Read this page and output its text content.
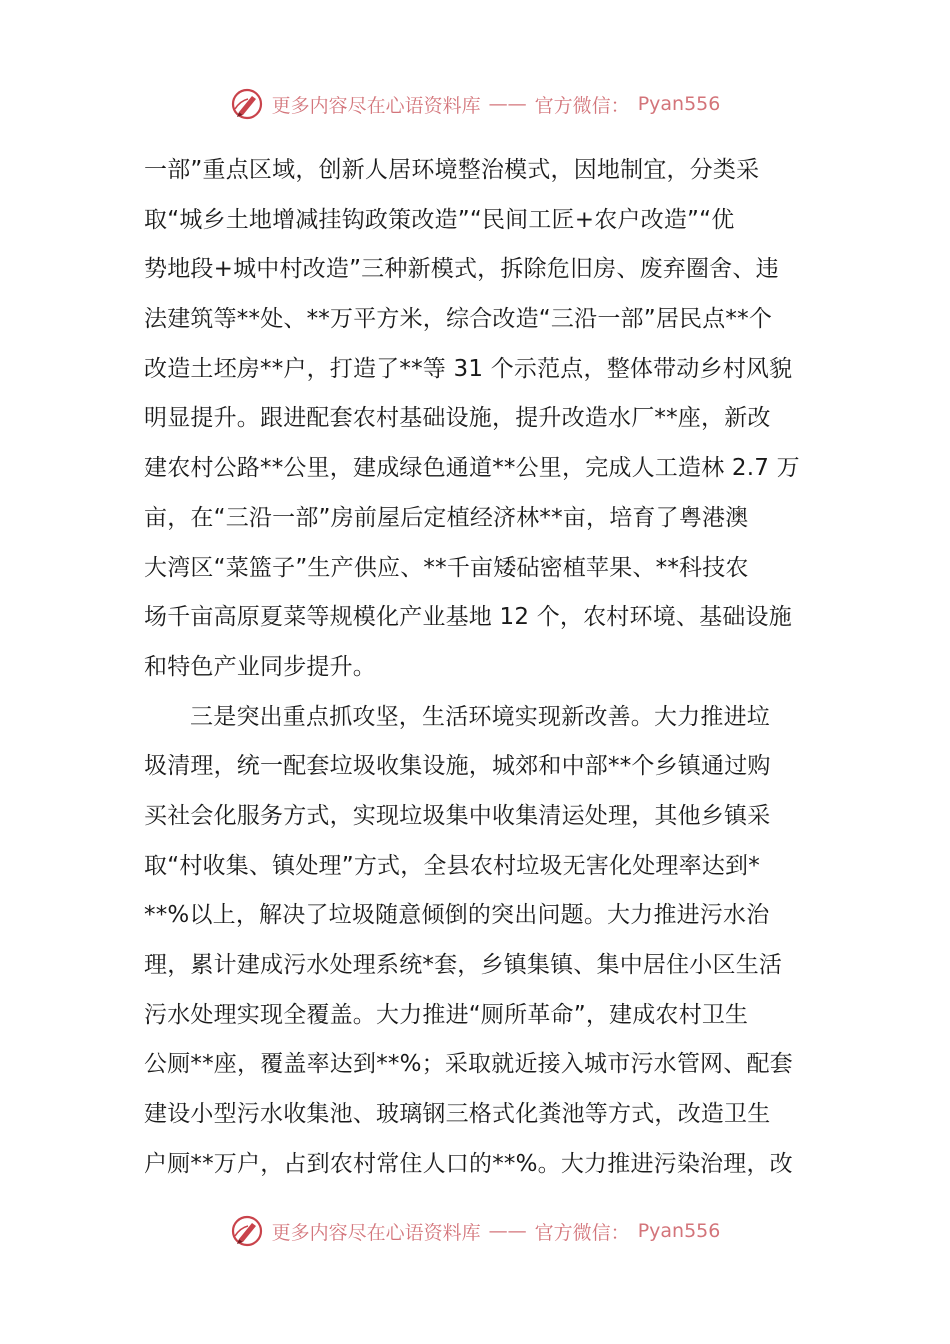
更多内容尽在心语资料库 —— 官方微信： Pyan556
一部”重点区域，创新人居环境整治模式，因地制宜，分类采
取“城乡土地增减挂钩政策改造”“民间工匠+农户改造”“优
势地段+城中村改造”三种新模式，拆除危旧房、废弃圈舍、违
法建筑等**处、**万平方米，综合改造“三沿一部”居民点**个
改造土坯房**户，打造了**等 31 个示范点，整体带动乡村风貌
明显提升。跟进配套农村基础设施，提升改造水厂**座，新改
建农村公路**公里，建成绿色通道**公里，完成人工造林 2.7 万
亩，在“三沿一部”房前屋后定植经济林**亩，培育了粤港澳
大湾区“菜篮子”生产供应、**千亩矮砧密植苹果、**科技农
场千亩高原夏菜等规模化产业基地 12 个，农村环境、基础设施
和特色产业同步提升。
三是突出重点抓攻坚，生活环境实现新改善。大力推进垃
圾清理，统一配套垃圾收集设施，城郊和中部**个乡镇通过购
买社会化服务方式，实现垃圾集中收集清运处理，其他乡镇采
取“村收集、镇处理”方式，全县农村垃圾无害化处理率达到*
**%以上，解决了垃圾随意倾倒的突出问题。大力推进污水治
理，累计建成污水处理系统*套，乡镇集镇、集中居住小区生活
污水处理实现全覆盖。大力推进“厕所革命”，建成农村卫生
公厕**座，覆盖率达到**%；采取就近接入城市污水管网、配套
建设小型污水收集池、玻璃钢三格式化粪池等方式，改造卫生
户厕**万户，占到农村常住人口的**%。大力推进污染治理，改
更多内容尽在心语资料库 —— 官方微信： Pyan556
